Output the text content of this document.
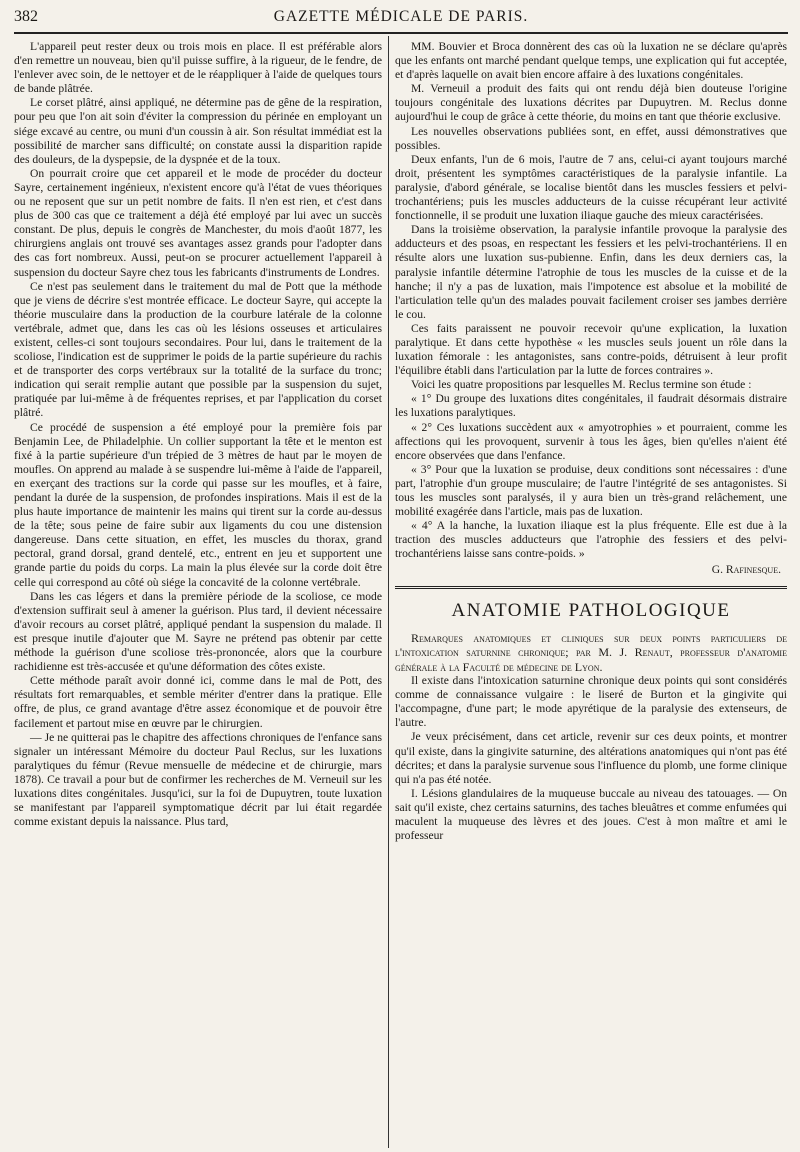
382	GAZETTE MÉDICALE DE PARIS.

L'appareil peut rester deux ou trois mois en place. Il est préférable alors d'en remettre un nouveau, bien qu'il puisse suffire, à la rigueur, de le fendre, de l'enlever avec soin, de le nettoyer et de le réappliquer à l'aide de quelques tours de bande plâtrée.

Le corset plâtré, ainsi appliqué, ne détermine pas de gêne de la respiration, pour peu que l'on ait soin d'éviter la compression du périnée en employant un siége excavé au centre, ou muni d'un coussin à air. Son résultat immédiat est la possibilité de marcher sans difficulté; on constate aussi la disparition rapide des douleurs, de la dyspepsie, de la dyspnée et de la toux.

On pourrait croire que cet appareil et le mode de procéder du docteur Sayre, certainement ingénieux, n'existent encore qu'à l'état de vues théoriques ou ne reposent que sur un petit nombre de faits. Il n'en est rien, et c'est dans plus de 300 cas que ce traitement a déjà été employé par lui avec un succès constant. De plus, depuis le congrès de Manchester, du mois d'août 1877, les chirurgiens anglais ont trouvé ses avantages assez grands pour l'adopter dans des cas fort nombreux. Aussi, peut-on se procurer actuellement l'appareil à suspension du docteur Sayre chez tous les fabricants d'instruments de Londres.

Ce n'est pas seulement dans le traitement du mal de Pott que la méthode que je viens de décrire s'est montrée efficace. Le docteur Sayre, qui accepte la théorie musculaire dans la production de la courbure latérale de la colonne vertébrale, admet que, dans les cas où les lésions osseuses et articulaires existent, celles-ci sont toujours secondaires. Pour lui, dans le traitement de la scoliose, l'indication est de supprimer le poids de la partie supérieure du rachis et de transporter des corps vertébraux sur la totalité de la surface du tronc; indication qui serait remplie autant que possible par la suspension du sujet, pratiquée par lui-même à de fréquentes reprises, et par l'application du corset plâtré.

Ce procédé de suspension a été employé pour la première fois par Benjamin Lee, de Philadelphie. Un collier supportant la tête et le menton est fixé à la partie supérieure d'un trépied de 3 mètres de haut par le moyen de moufles. On apprend au malade à se suspendre lui-même à l'aide de l'appareil, en exerçant des tractions sur la corde qui passe sur les moufles, et à faire, pendant la durée de la suspension, de profondes inspirations. Mais il est de la plus haute importance de maintenir les mains qui tirent sur la corde au-dessus de la tête; sous peine de faire subir aux ligaments du cou une distension dangereuse. Dans cette situation, en effet, les muscles du thorax, grand pectoral, grand dorsal, grand dentelé, etc., entrent en jeu et supportent une grande partie du poids du corps. La main la plus élevée sur la corde doit être celle qui correspond au côté où siége la concavité de la colonne vertébrale.

Dans les cas légers et dans la première période de la scoliose, ce mode d'extension suffirait seul à amener la guérison. Plus tard, il devient nécessaire d'avoir recours au corset plâtré, appliqué pendant la suspension du malade. Il est presque inutile d'ajouter que M. Sayre ne prétend pas obtenir par cette méthode la guérison d'une scoliose très-prononcée, alors que la courbure rachidienne est très-accusée et qu'une déformation des côtes existe.

Cette méthode paraît avoir donné ici, comme dans le mal de Pott, des résultats fort remarquables, et semble mériter d'entrer dans la pratique. Elle offre, de plus, ce grand avantage d'être assez économique et de pouvoir être facilement et partout mise en œuvre par le chirurgien.

— Je ne quitterai pas le chapitre des affections chroniques de l'enfance sans signaler un intéressant Mémoire du docteur Paul Reclus, sur les luxations paralytiques du fémur (Revue mensuelle de médecine et de chirurgie, mars 1878). Ce travail a pour but de confirmer les recherches de M. Verneuil sur les luxations dites congénitales. Jusqu'ici, sur la foi de Dupuytren, toute luxation se manifestant par l'appareil symptomatique décrit par lui était regardée comme existant depuis la naissance. Plus tard,

MM. Bouvier et Broca donnèrent des cas où la luxation ne se déclare qu'après que les enfants ont marché pendant quelque temps, une explication qui fut acceptée, et d'après laquelle on avait bien encore affaire à des luxations congénitales.

M. Verneuil a produit des faits qui ont rendu déjà bien douteuse l'origine toujours congénitale des luxations décrites par Dupuytren. M. Reclus donne aujourd'hui le coup de grâce à cette théorie, du moins en tant que théorie exclusive.

Les nouvelles observations publiées sont, en effet, aussi démonstratives que possibles.

Deux enfants, l'un de 6 mois, l'autre de 7 ans, celui-ci ayant toujours marché droit, présentent les symptômes caractéristiques de la paralysie infantile. La paralysie, d'abord générale, se localise bientôt dans les muscles fessiers et pelvi-trochantériens; puis les muscles adducteurs de la cuisse récupérant leur activité fonctionnelle, il se produit une luxation iliaque gauche des mieux caractérisées.

Dans la troisième observation, la paralysie infantile provoque la paralysie des adducteurs et des psoas, en respectant les fessiers et les pelvi-trochantériens. Il en résulte alors une luxation sus-pubienne. Enfin, dans les deux derniers cas, la paralysie infantile détermine l'atrophie de tous les muscles de la cuisse et de la hanche; il n'y a pas de luxation, mais l'impotence est absolue et la mobilité de l'articulation telle qu'un des malades pouvait facilement croiser ses jambes derrière le cou.

Ces faits paraissent ne pouvoir recevoir qu'une explication, la luxation paralytique. Et dans cette hypothèse « les muscles seuls jouent un rôle dans la luxation fémorale : les antagonistes, sans contre-poids, détruisent à leur profit l'équilibre établi dans l'articulation par la lutte de forces contraires ».

Voici les quatre propositions par lesquelles M. Reclus termine son étude :

« 1° Du groupe des luxations dites congénitales, il faudrait désormais distraire les luxations paralytiques.

« 2° Ces luxations succèdent aux « amyotrophies » et pourraient, comme les affections qui les provoquent, survenir à tous les âges, bien qu'elles n'aient été encore observées que dans l'enfance.

« 3° Pour que la luxation se produise, deux conditions sont nécessaires : d'une part, l'atrophie d'un groupe musculaire; de l'autre l'intégrité de ses antagonistes. Si tous les muscles sont paralysés, il y aura bien un très-grand relâchement, une mobilité exagérée dans l'article, mais pas de luxation.

« 4° A la hanche, la luxation iliaque est la plus fréquente. Elle est due à la traction des muscles adducteurs que l'atrophie des fessiers et des pelvi-trochantériens laisse sans contre-poids. »

G. Rafinesque.
ANATOMIE PATHOLOGIQUE

Remarques anatomiques et cliniques sur deux points particuliers de l'intoxication saturnine chronique; par M. J. Renaut, professeur d'anatomie générale à la Faculté de médecine de Lyon.

Il existe dans l'intoxication saturnine chronique deux points qui sont considérés comme de connaissance vulgaire : le liseré de Burton et la gingivite qui l'accompagne, d'une part; le mode apyrétique de la paralysie des extenseurs, de l'autre.

Je veux précisément, dans cet article, revenir sur ces deux points, et montrer qu'il existe, dans la gingivite saturnine, des altérations anatomiques qui n'ont pas été décrites; et dans la paralysie survenue sous l'influence du plomb, une forme clinique qui n'a pas été notée.

I. Lésions glandulaires de la muqueuse buccale au niveau des tatouages. — On sait qu'il existe, chez certains saturnins, des taches bleuâtres et comme enfumées qui maculent la muqueuse des lèvres et des joues. C'est à mon maître et ami le professeur
